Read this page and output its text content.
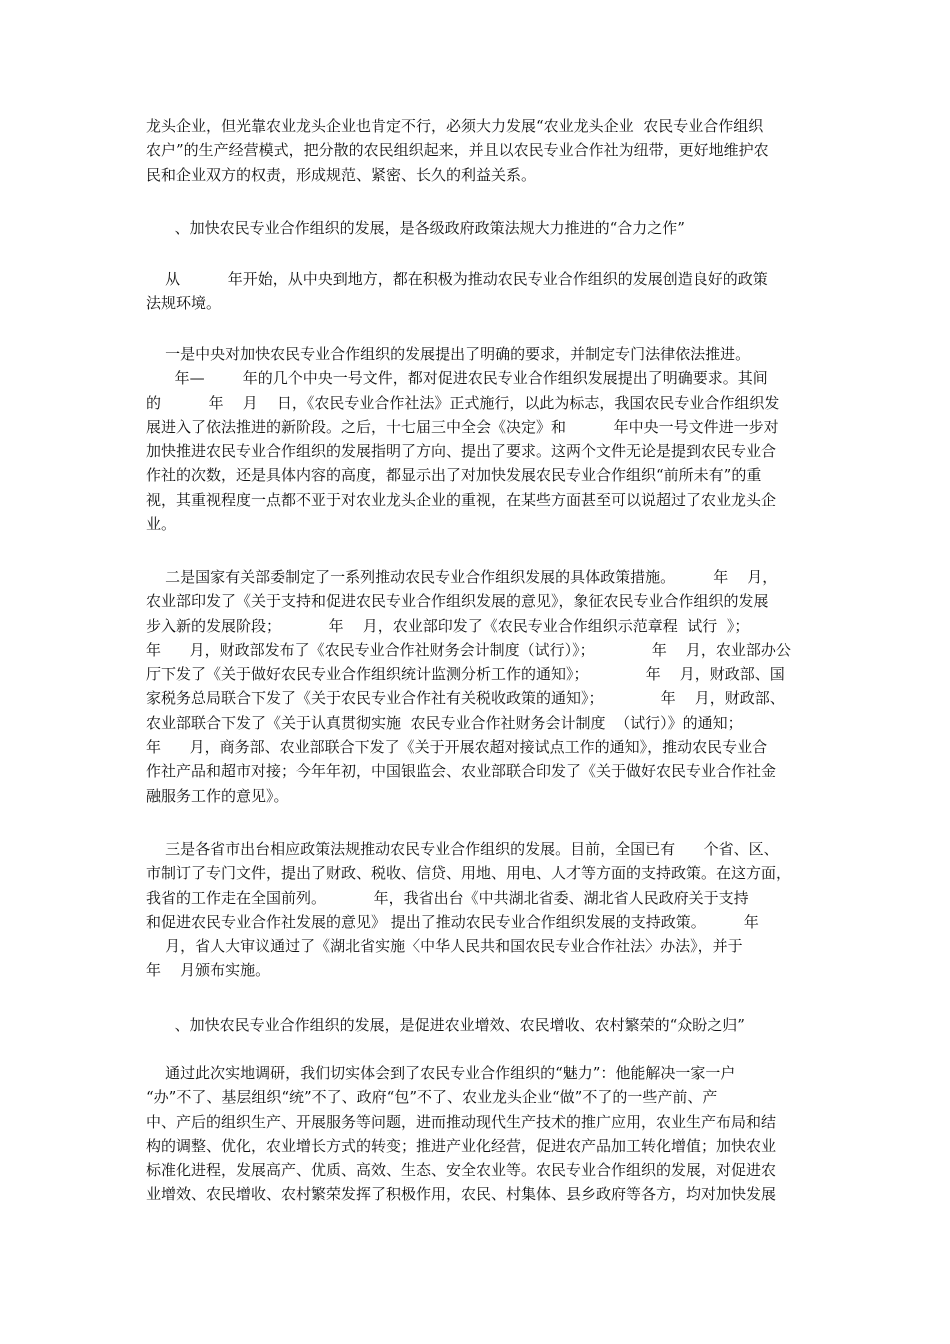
龙头企业，但光靠农业龙头企业也肯定不行，必须大力发展“农业龙头企业  农民专业合作组织
农户”的生产经营模式，把分散的农民组织起来，并且以农民专业合作社为纽带，更好地维护农
民和企业双方的权责，形成规范、紧密、长久的利益关系。
、加快农民专业合作组织的发展，是各级政府政策法规大力推进的“合力之作”
从          年开始，从中央到地方，都在积极为推动农民专业合作组织的发展创造良好的政策
法规环境。
一是中央对加快农民专业合作组织的发展提出了明确的要求，并制定专门法律依法推进。
年—        年的几个中央一号文件，都对促进农民专业合作组织发展提出了明确要求。其间
的          年    月    日，《农民专业合作社法》正式施行，以此为标志，我国农民专业合作组织发
展进入了依法推进的新阶段。之后，十七届三中全会《决定》和          年中央一号文件进一步对
加快推进农民专业合作组织的发展指明了方向、提出了要求。这两个文件无论是提到农民专业合
作社的次数，还是具体内容的高度，都显示出了对加快发展农民专业合作组织“前所未有”的重
视，其重视程度一点都不亚于对农业龙头企业的重视，在某些方面甚至可以说超过了农业龙头企
业。
二是国家有关部委制定了一系列推动农民专业合作组织发展的具体政策措施。        年    月，
农业部印发了《关于支持和促进农民专业合作组织发展的意见》，象征农民专业合作组织的发展
步入新的发展阶段；          年    月，农业部印发了《农民专业合作组织示范章程  试行  》；
年      月，财政部发布了《农民专业合作社财务会计制度（试行）》；            年    月，农业部办公
厅下发了《关于做好农民专业合作组织统计监测分析工作的通知》；            年    月，财政部、国
家税务总局联合下发了《关于农民专业合作社有关税收政策的通知》；            年    月，财政部、
农业部联合下发了《关于认真贯彻实施  农民专业合作社财务会计制度  （试行）》的通知；
年      月，商务部、农业部联合下发了《关于开展农超对接试点工作的通知》，推动农民专业合
作社产品和超市对接；今年年初，中国银监会、农业部联合印发了《关于做好农民专业合作社金
融服务工作的意见》。
三是各省市出台相应政策法规推动农民专业合作组织的发展。目前，全国已有      个省、区、
市制订了专门文件，提出了财政、税收、信贷、用地、用电、人才等方面的支持政策。在这方面，
我省的工作走在全国前列。          年，我省出台《中共湖北省委、湖北省人民政府关于支持
和促进农民专业合作社发展的意见》 提出了推动农民专业合作组织发展的支持政策。        年
月，省人大审议通过了《湖北省实施〈中华人民共和国农民专业合作社法〉办法》，并于
年    月颁布实施。
、加快农民专业合作组织的发展，是促进农业增效、农民增收、农村繁荣的“众盼之归”
通过此次实地调研，我们切实体会到了农民专业合作组织的“魅力”：他能解决一家一户
“办”不了、基层组织“统”不了、政府“包”不了、农业龙头企业“做”不了的一些产前、产
中、产后的组织生产、开展服务等问题，进而推动现代生产技术的推广应用，农业生产布局和结
构的调整、优化，农业增长方式的转变；推进产业化经营，促进农产品加工转化增值；加快农业
标准化进程，发展高产、优质、高效、生态、安全农业等。农民专业合作组织的发展，对促进农
业增效、农民增收、农村繁荣发挥了积极作用，农民、村集体、县乡政府等各方，均对加快发展
